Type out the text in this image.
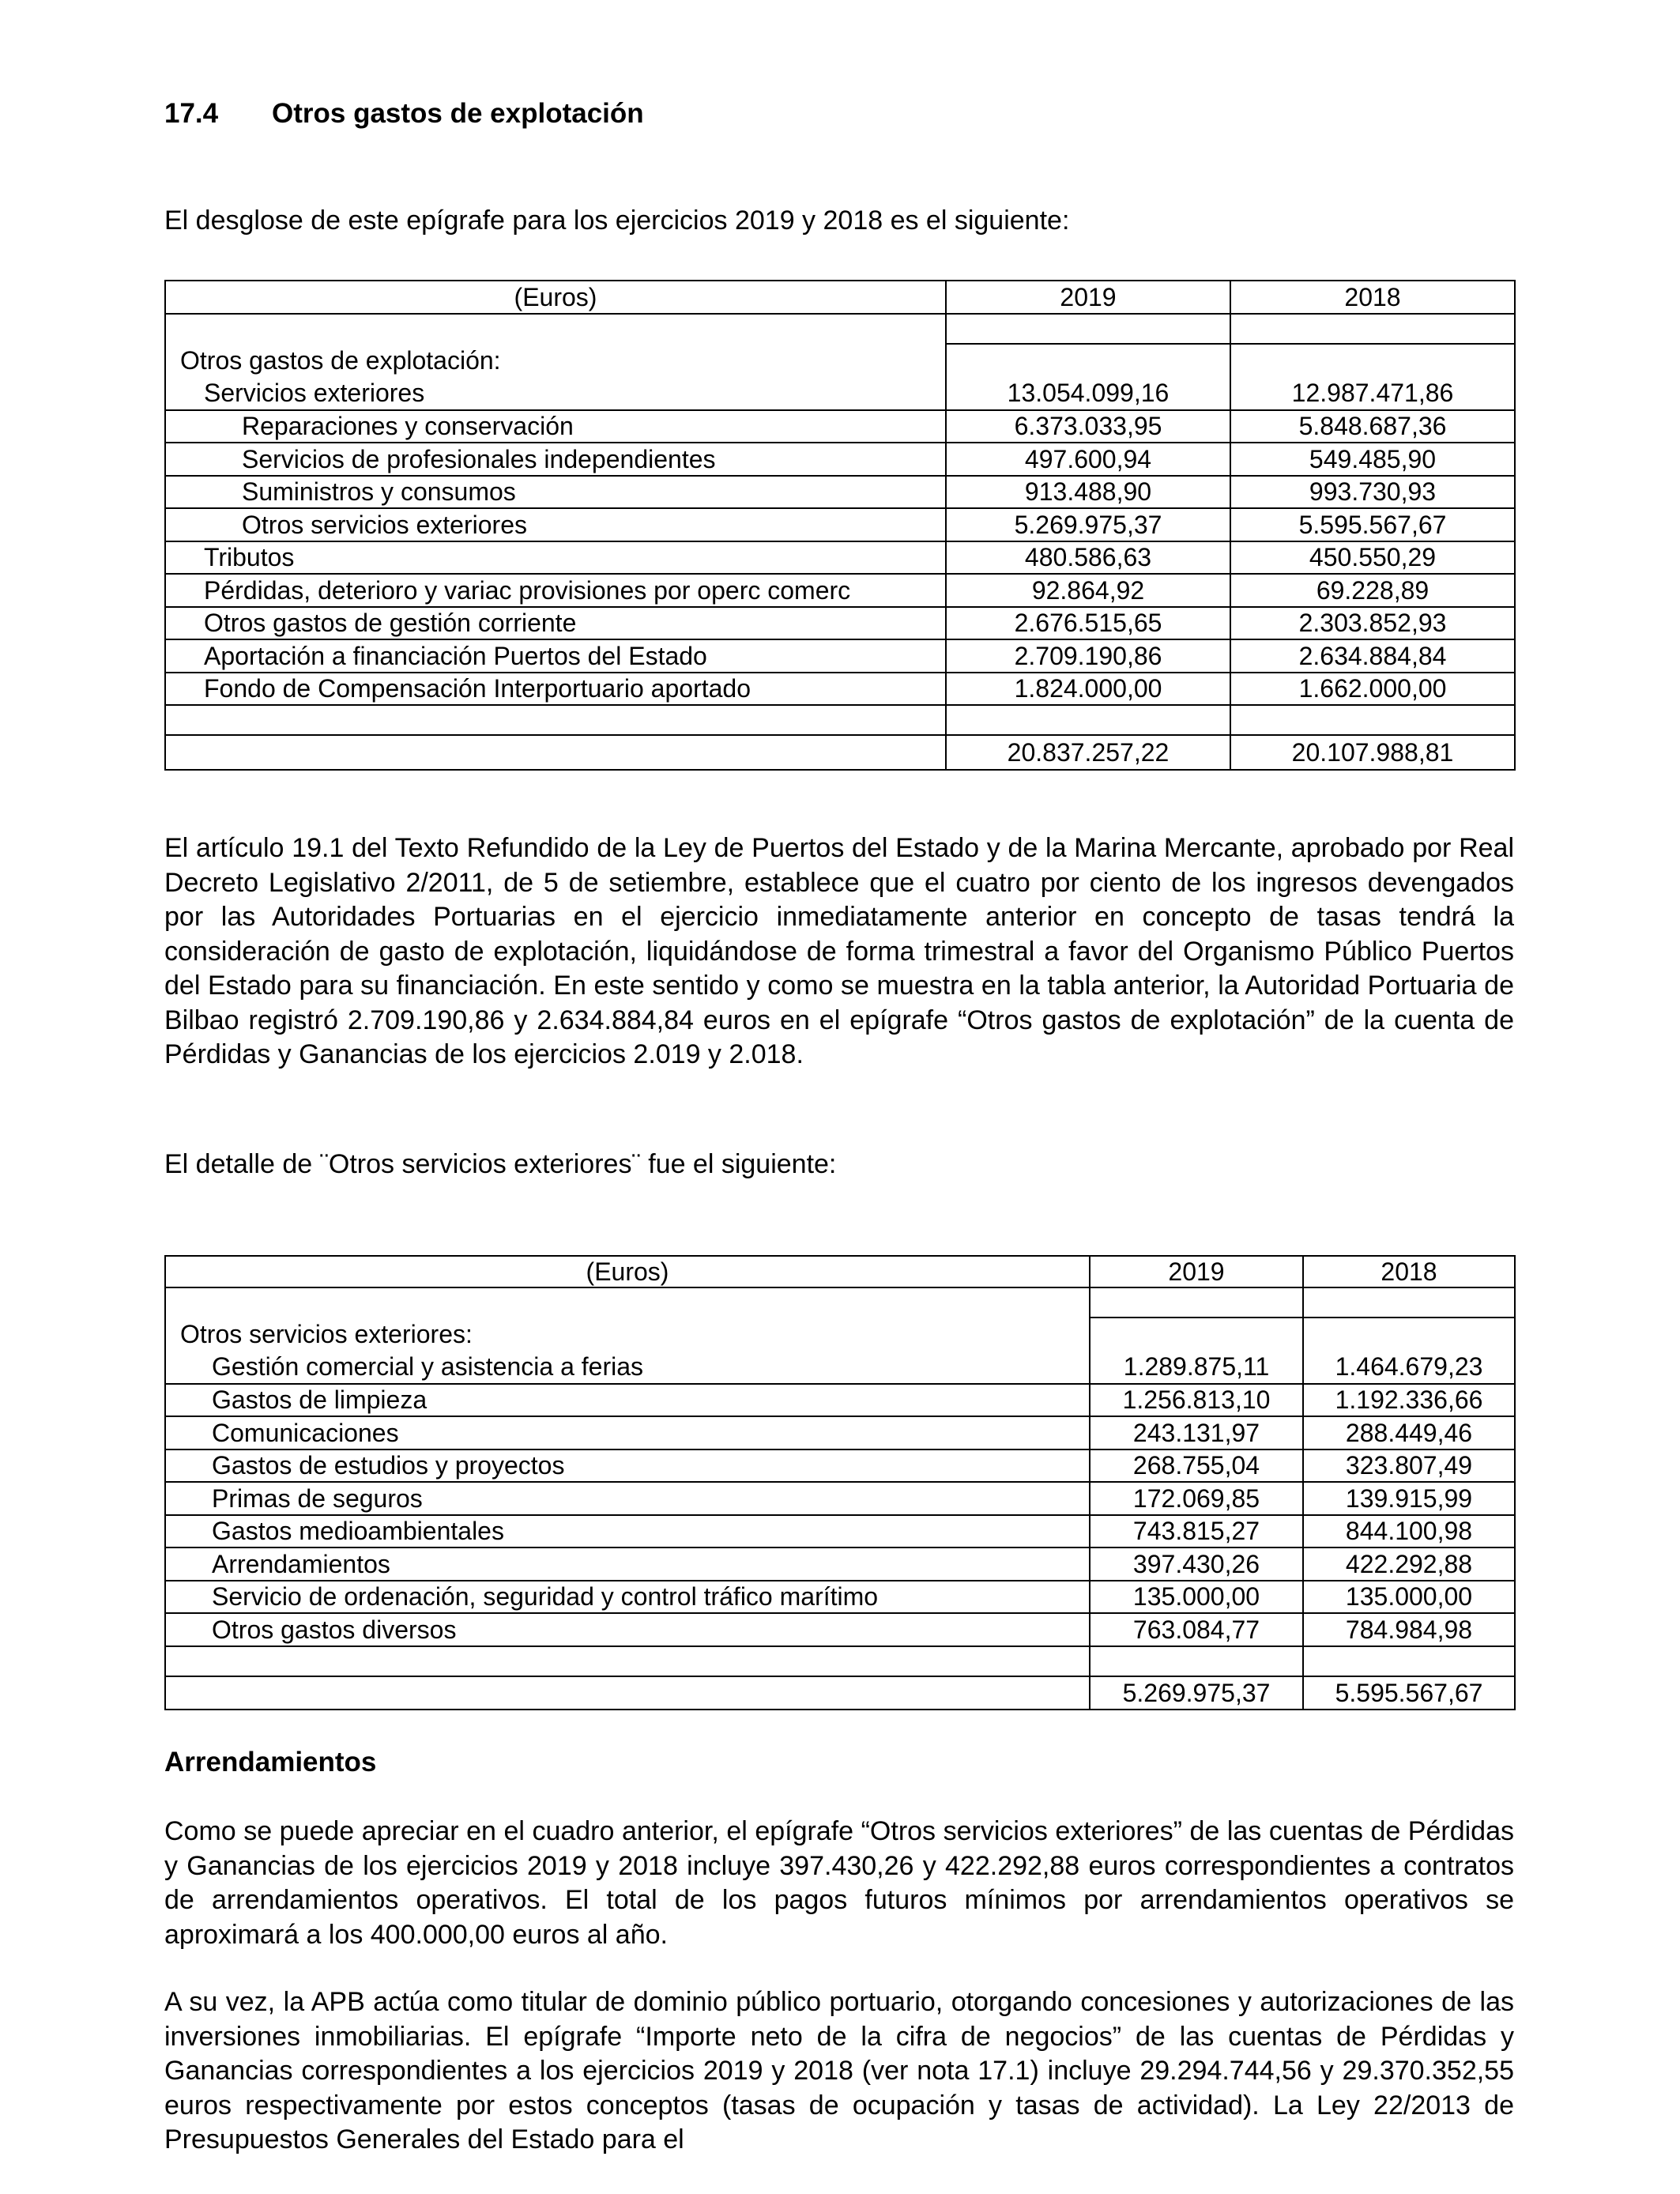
17.4 Otros gastos de explotación
El desglose de este epígrafe para los ejercicios 2019 y 2018 es el siguiente:
(Euros)	2019	2018

Otros gastos de explotación:		
Servicios exteriores	13.054.099,16	12.987.471,86
Reparaciones y conservación	6.373.033,95	5.848.687,36
Servicios de profesionales independientes	497.600,94	549.485,90
Suministros y consumos	913.488,90	993.730,93
Otros servicios exteriores	5.269.975,37	5.595.567,67
Tributos	480.586,63	450.550,29
Pérdidas, deterioro y variac provisiones por operc comerc	92.864,92	69.228,89
Otros gastos de gestión corriente	2.676.515,65	2.303.852,93
Aportación a financiación Puertos del Estado	2.709.190,86	2.634.884,84
Fondo de Compensación Interportuario aportado	1.824.000,00	1.662.000,00

	20.837.257,22	20.107.988,81
El artículo 19.1 del Texto Refundido de la Ley de Puertos del Estado y de la Marina Mercante, aprobado por Real Decreto Legislativo 2/2011, de 5 de setiembre, establece que el cuatro por ciento de los ingresos devengados por las Autoridades Portuarias en el ejercicio inmediatamente anterior en concepto de tasas tendrá la consideración de gasto de explotación, liquidándose de forma trimestral a favor del Organismo Público Puertos del Estado para su financiación. En este sentido y como se muestra en la tabla anterior, la Autoridad Portuaria de Bilbao registró 2.709.190,86 y 2.634.884,84 euros en el epígrafe “Otros gastos de explotación” de la cuenta de Pérdidas y Ganancias de los ejercicios 2.019 y 2.018.
El detalle de ¨Otros servicios exteriores¨ fue el siguiente:
(Euros)	2019	2018

Otros servicios exteriores:		
Gestión comercial y asistencia a ferias	1.289.875,11	1.464.679,23
Gastos de limpieza	1.256.813,10	1.192.336,66
Comunicaciones	243.131,97	288.449,46
Gastos de estudios y proyectos	268.755,04	323.807,49
Primas de seguros	172.069,85	139.915,99
Gastos medioambientales	743.815,27	844.100,98
Arrendamientos	397.430,26	422.292,88
Servicio de ordenación, seguridad y control tráfico marítimo	135.000,00	135.000,00
Otros gastos diversos	763.084,77	784.984,98

	5.269.975,37	5.595.567,67
Arrendamientos
Como se puede apreciar en el cuadro anterior, el epígrafe “Otros servicios exteriores” de las cuentas de Pérdidas y Ganancias de los ejercicios 2019 y 2018 incluye 397.430,26 y 422.292,88 euros correspondientes a contratos de arrendamientos operativos. El total de los pagos futuros mínimos por arrendamientos operativos se aproximará a los 400.000,00 euros al año.
A su vez, la APB actúa como titular de dominio público portuario, otorgando concesiones y autorizaciones de las inversiones inmobiliarias. El epígrafe “Importe neto de la cifra de negocios” de las cuentas de Pérdidas y Ganancias correspondientes a los ejercicios 2019 y 2018 (ver nota 17.1) incluye 29.294.744,56 y 29.370.352,55 euros respectivamente por estos conceptos (tasas de ocupación y tasas de actividad). La Ley 22/2013 de Presupuestos Generales del Estado para el
